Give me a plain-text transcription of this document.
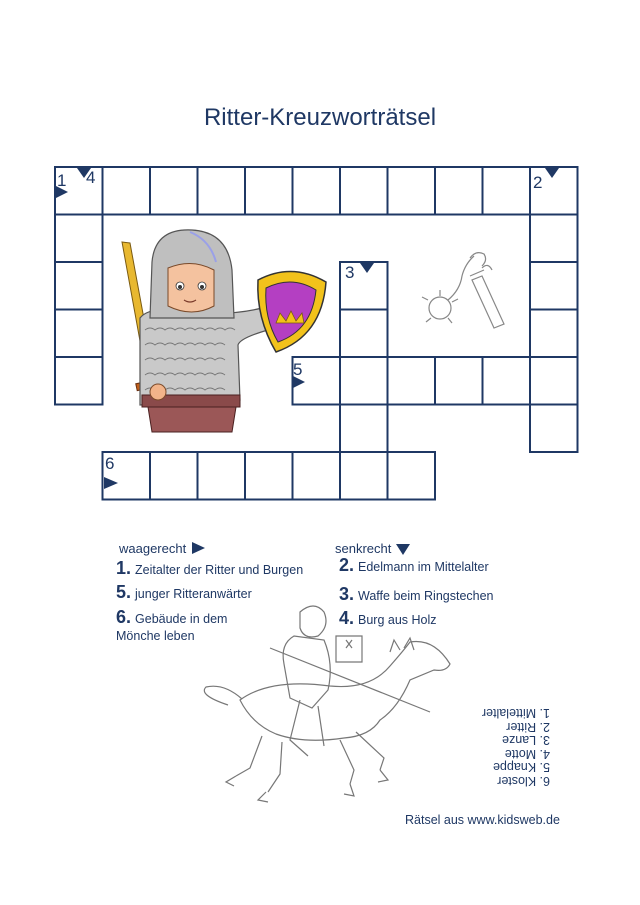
Ritter-Kreuzworträtsel
1 4	2
3
5
6
waagerecht	senkrecht
1. Zeitalter der Ritter und Burgen
5. junger Ritteranwärter
6. Gebäude in dem Mönche leben
2. Edelmann im Mittelalter
3. Waffe beim Ringstechen
4. Burg aus Holz
6. Kloster
5. Knappe
4. Motte
3. Lanze
2. Ritter
1. Mittelalter
Rätsel aus www.kidsweb.de
